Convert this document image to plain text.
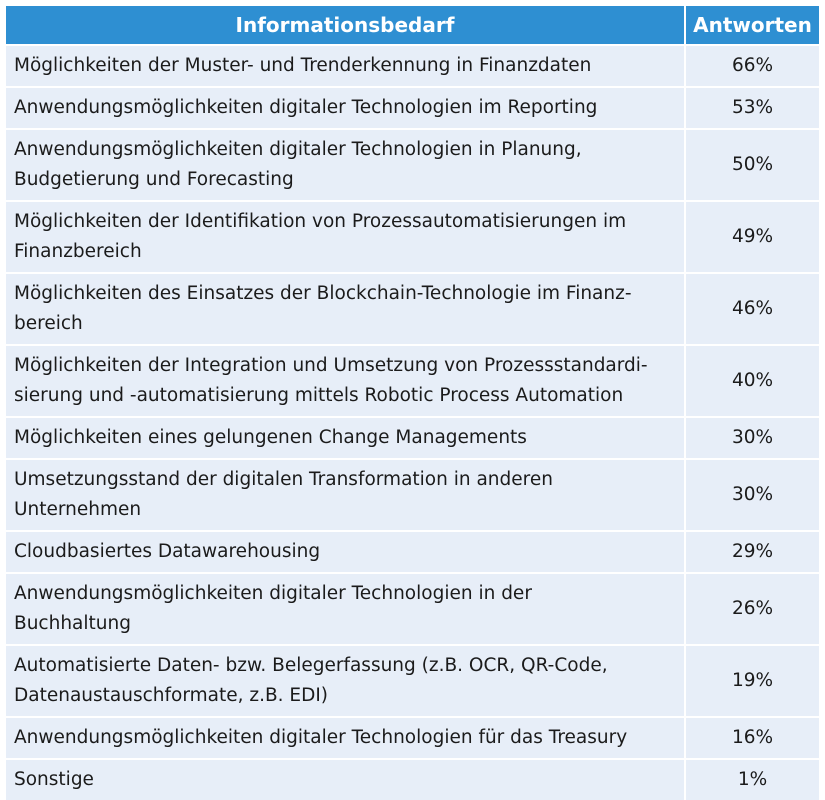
Informationsbedarf	Antworten
Möglichkeiten der Muster- und Trenderkennung in Finanzdaten	66%
Anwendungsmöglichkeiten digitaler Technologien im Reporting	53%
Anwendungsmöglichkeiten digitaler Technologien in Planung,
Budgetierung und Forecasting	50%
Möglichkeiten der Identifikation von Prozessautomatisierungen im
Finanzbereich	49%
Möglichkeiten des Einsatzes der Blockchain-Technologie im Finanz-
bereich	46%
Möglichkeiten der Integration und Umsetzung von Prozessstandardi-
sierung und -automatisierung mittels Robotic Process Automation	40%
Möglichkeiten eines gelungenen Change Managements	30%
Umsetzungsstand der digitalen Transformation in anderen
Unternehmen	30%
Cloudbasiertes Datawarehousing	29%
Anwendungsmöglichkeiten digitaler Technologien in der
Buchhaltung	26%
Automatisierte Daten- bzw. Belegerfassung (z.B. OCR, QR-Code,
Datenaustauschformate, z.B. EDI)	19%
Anwendungsmöglichkeiten digitaler Technologien für das Treasury	16%
Sonstige	1%
